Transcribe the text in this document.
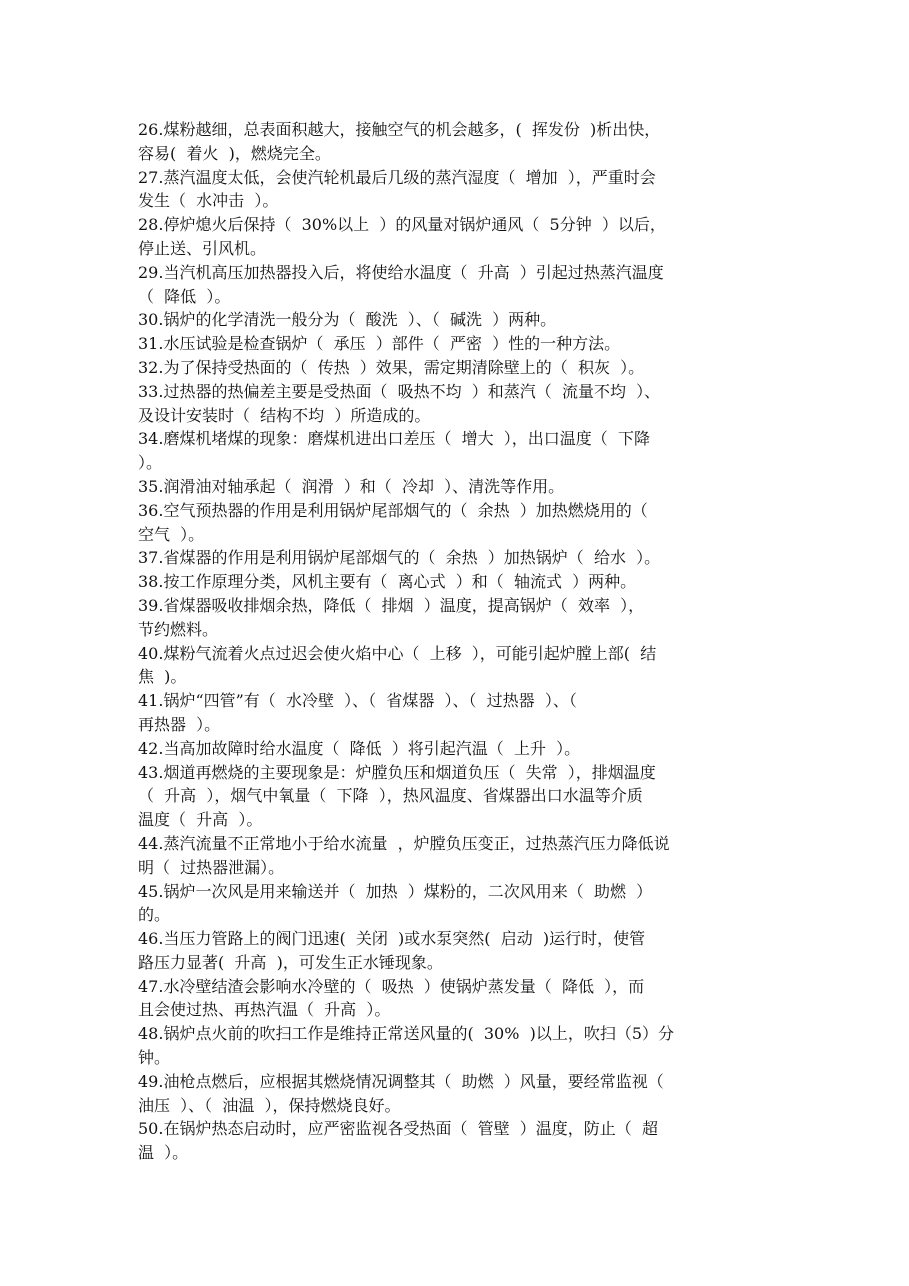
26.煤粉越细，总表面积越大，接触空气的机会越多，(  挥发份  )析出快，
容易(  着火  )，燃烧完全。
27.蒸汽温度太低，会使汽轮机最后几级的蒸汽湿度（  增加  ），严重时会
发生（  水冲击  ）。
28.停炉熄火后保持（  30%以上  ）的风量对锅炉通风（  5分钟  ）以后，
停止送、引风机。
29.当汽机高压加热器投入后，将使给水温度（  升高  ）引起过热蒸汽温度
（  降低  ）。
30.锅炉的化学清洗一般分为（  酸洗  ）、（  碱洗  ）两种。
31.水压试验是检查锅炉（  承压  ）部件（  严密  ）性的一种方法。
32.为了保持受热面的（  传热  ）效果，需定期清除壁上的（  积灰  ）。
33.过热器的热偏差主要是受热面（  吸热不均  ）和蒸汽（  流量不均  ）、
及设计安装时（  结构不均  ）所造成的。
34.磨煤机堵煤的现象：磨煤机进出口差压（  增大  ），出口温度（  下降
）。
35.润滑油对轴承起（  润滑  ）和（  冷却  ）、清洗等作用。
36.空气预热器的作用是利用锅炉尾部烟气的（  余热  ）加热燃烧用的（
空气  ）。
37.省煤器的作用是利用锅炉尾部烟气的（  余热  ）加热锅炉（  给水  ）。
38.按工作原理分类，风机主要有（  离心式  ）和（  轴流式  ）两种。
39.省煤器吸收排烟余热，降低（  排烟  ）温度，提高锅炉（  效率  ），
节约燃料。
40.煤粉气流着火点过迟会使火焰中心（  上移  ），可能引起炉膛上部(  结
焦  )。
41.锅炉“四管”有（  水冷壁  ）、（  省煤器  ）、（  过热器  ）、（
再热器  ）。
42.当高加故障时给水温度（  降低  ）将引起汽温（  上升  ）。
43.烟道再燃烧的主要现象是：炉膛负压和烟道负压（  失常  ），排烟温度
（  升高  ），烟气中氧量（  下降  ），热风温度、省煤器出口水温等介质
温度（  升高  ）。
44.蒸汽流量不正常地小于给水流量  ，炉膛负压变正，过热蒸汽压力降低说
明（  过热器泄漏）。
45.锅炉一次风是用来输送并（  加热  ）煤粉的，二次风用来（  助燃  ）
的。
46.当压力管路上的阀门迅速(  关闭  )或水泵突然(  启动  )运行时，使管
路压力显著(  升高  )，可发生正水锤现象。
47.水冷壁结渣会影响水冷壁的（  吸热  ）使锅炉蒸发量（  降低  ），而
且会使过热、再热汽温（  升高  ）。
48.锅炉点火前的吹扫工作是维持正常送风量的(  30%  )以上，吹扫（5）分
钟。
49.油枪点燃后，应根据其燃烧情况调整其（  助燃  ）风量，要经常监视（
油压  ）、（  油温  ），保持燃烧良好。
50.在锅炉热态启动时，应严密监视各受热面（  管壁  ）温度，防止（  超
温  ）。
